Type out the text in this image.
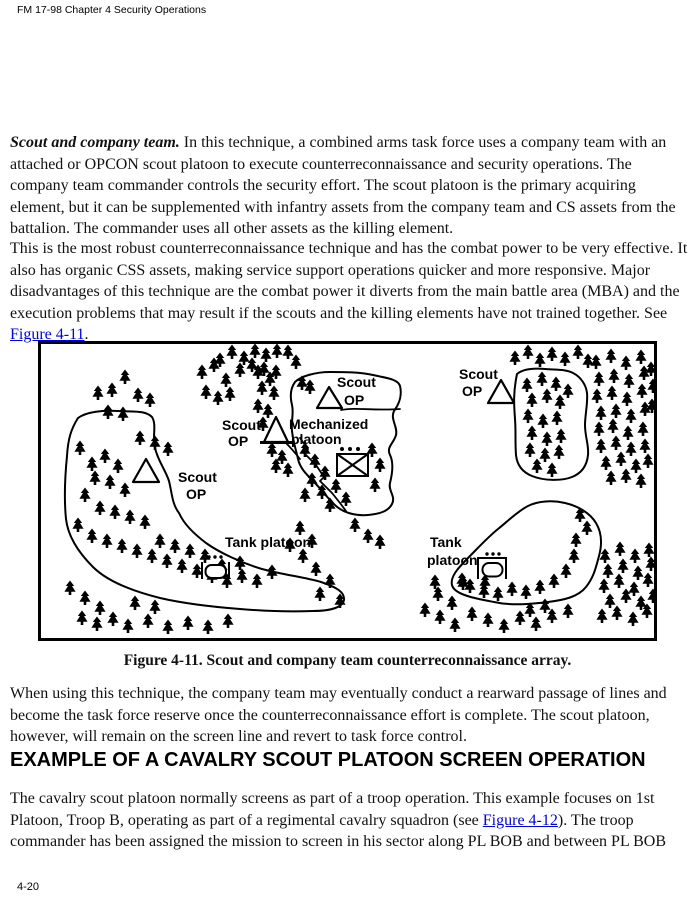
FM 17-98 Chapter 4 Security Operations

Scout and company team. In this technique, a combined arms task force uses a company team with an attached or OPCON scout platoon to execute counterreconnaissance and security operations. The company team commander controls the security effort. The scout platoon is the primary acquiring element, but it can be supplemented with infantry assets from the company team and CS assets from the battalion. The commander uses all other assets as the killing element.

This is the most robust counterreconnaissance technique and has the combat power to be very effective. It also has organic CSS assets, making service support operations quicker and more responsive. Major disadvantages of this technique are the combat power it diverts from the main battle area (MBA) and the execution problems that may result if the scouts and the killing elements have not trained together. See Figure 4-11.

Scout
OP
Scout
OP
Scout
OP
Scout
OP
Mechanized
platoon
Tank platoon	Tank
platoon

Figure 4-11. Scout and company team counterreconnaissance array.

When using this technique, the company team may eventually conduct a rearward passage of lines and become the task force reserve once the counterreconnaissance effort is complete. The scout platoon, however, will remain on the screen line and revert to task force control.

EXAMPLE OF A CAVALRY SCOUT PLATOON SCREEN OPERATION

The cavalry scout platoon normally screens as part of a troop operation. This example focuses on 1st Platoon, Troop B, operating as part of a regimental cavalry squadron (see Figure 4-12). The troop commander has been assigned the mission to screen in his sector along PL BOB and between PL BOB

4-20
